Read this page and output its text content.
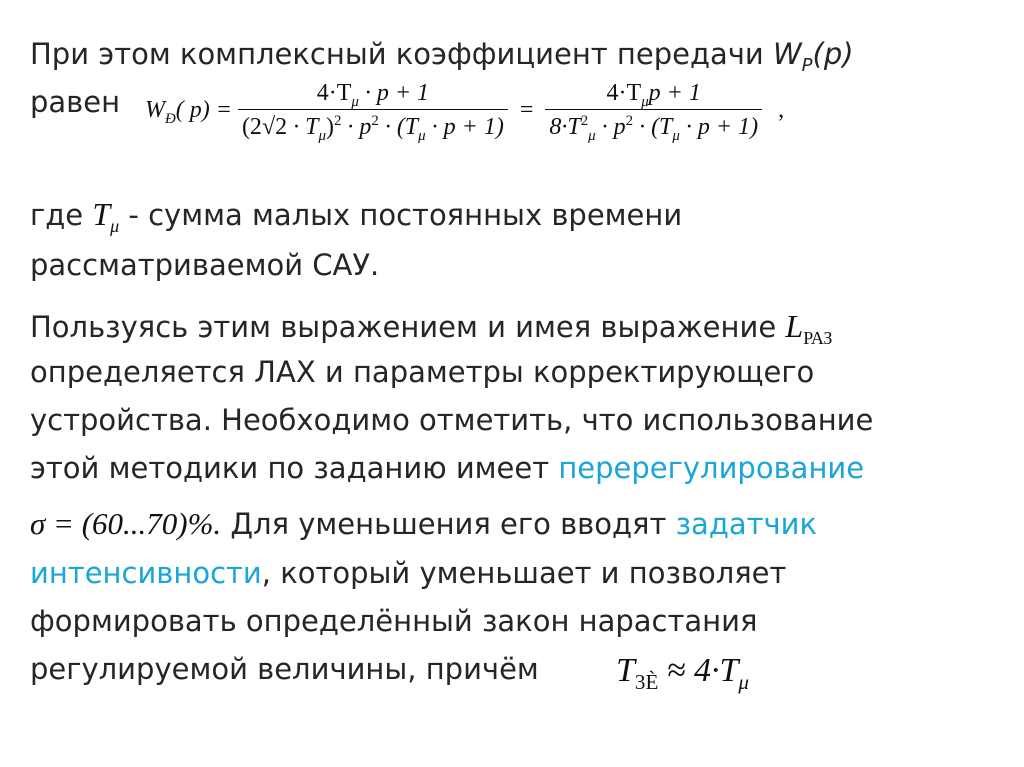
При этом комплексный коэффициент передачи $W_P(p)$
равен $W_Ð$( $p) = \frac{4\cdot T_\mu \cdot p + 1}{(2√2 \cdot T_\mu)^2 \cdot p^2 \cdot (T_\mu \cdot p + 1)} = \frac{4\cdot T_\mu p + 1}{8\cdot T^2_\mu \cdot p^2 \cdot (T_\mu \cdot p + 1)}$ ,
где $T_\mu$ - сумма малых постоянных времени
рассматриваемой САУ.
Пользуясь этим выражением и имея выражение $L_{РАЗ}$
определяется ЛАХ и параметры корректирующего
устройства. Необходимо отметить, что использование
этой методики по заданию имеет перерегулирование
σ = (60...70)%. Для уменьшения его вводят задатчик
интенсивности, который уменьшает и позволяет
формировать определённый закон нарастания
регулируемой величины, причём $T_{3È} \approx 4\cdot T_\mu$
